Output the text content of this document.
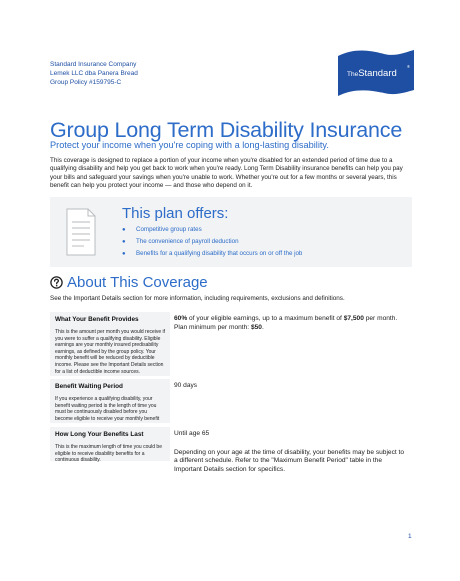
Standard Insurance Company
Lemek LLC dba Panera Bread
Group Policy #159795-C
TheStandard
®
Group Long Term Disability Insurance
Protect your income when you're coping with a long-lasting disability.

This coverage is designed to replace a portion of your income when you're disabled for an extended period of time due to a qualifying disability and help you get back to work when you're ready. Long Term Disability insurance benefits can help you pay your bills and safeguard your savings when you're unable to work. Whether you're out for a few months or several years, this benefit can help you protect your income — and those who depend on it.

This plan offers:
● Competitive group rates
● The convenience of payroll deduction
● Benefits for a qualifying disability that occurs on or off the job
About This Coverage
See the Important Details section for more information, including requirements, exclusions and definitions.
What Your Benefit Provides
This is the amount per month you would receive if you were to suffer a qualifying disability. Eligible earnings are your monthly insured predisability earnings, as defined by the group policy. Your monthly benefit will be reduced by deductible income. Please see the Important Details section for a list of deductible income sources.
60% of your eligible earnings, up to a maximum benefit of $7,500 per month. Plan minimum per month: $50.
Benefit Waiting Period
If you experience a qualifying disability, your benefit waiting period is the length of time you must be continuously disabled before you become eligible to receive your monthly benefit
90 days
How Long Your Benefits Last
This is the maximum length of time you could be eligible to receive disability benefits for a continuous disability.
Until age 65
Depending on your age at the time of disability, your benefits may be subject to a different schedule. Refer to the "Maximum Benefit Period" table in the Important Details section for specifics.
1
